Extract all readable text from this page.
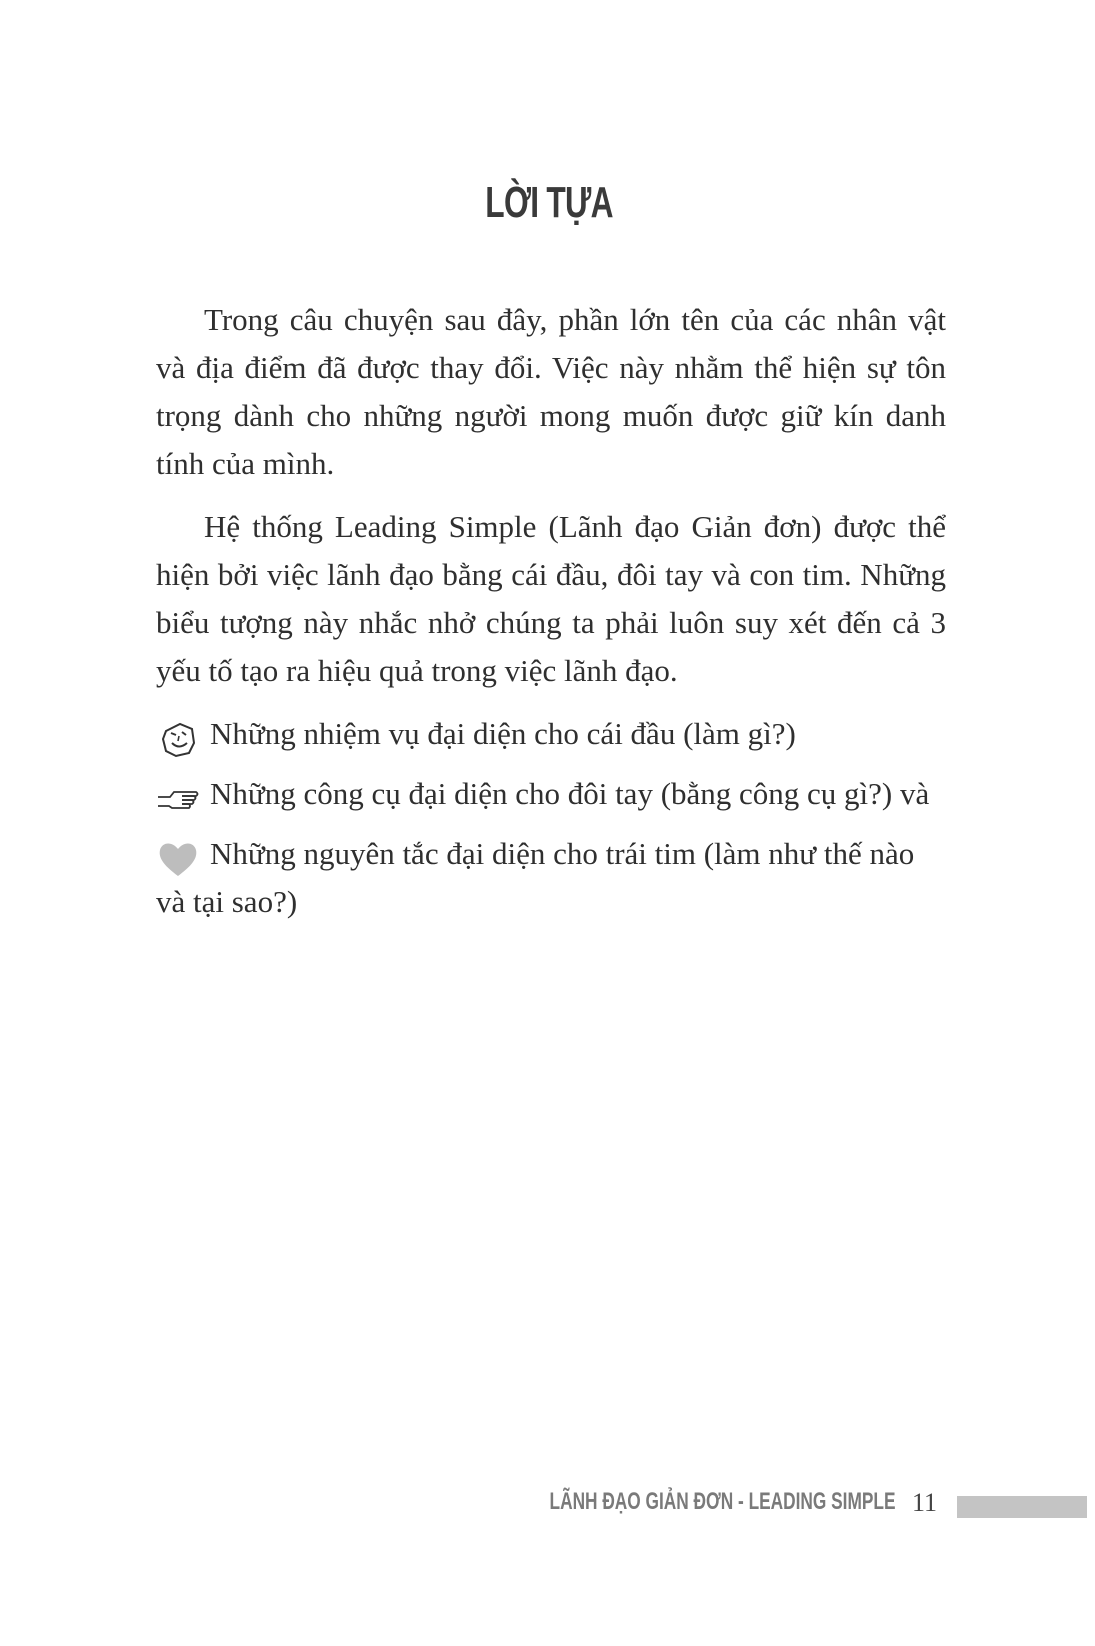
LỜI TỰA

Trong câu chuyện sau đây, phần lớn tên của các nhân vật và địa điểm đã được thay đổi. Việc này nhằm thể hiện sự tôn trọng dành cho những người mong muốn được giữ kín danh tính của mình.

Hệ thống Leading Simple (Lãnh đạo Giản đơn) được thể hiện bởi việc lãnh đạo bằng cái đầu, đôi tay và con tim. Những biểu tượng này nhắc nhở chúng ta phải luôn suy xét đến cả 3 yếu tố tạo ra hiệu quả trong việc lãnh đạo.

Những nhiệm vụ đại diện cho cái đầu (làm gì?)
Những công cụ đại diện cho đôi tay (bằng công cụ gì?) và
Những nguyên tắc đại diện cho trái tim (làm như thế nào và tại sao?)
LÃNH ĐẠO GIẢN ĐƠN - LEADING SIMPLE 11
